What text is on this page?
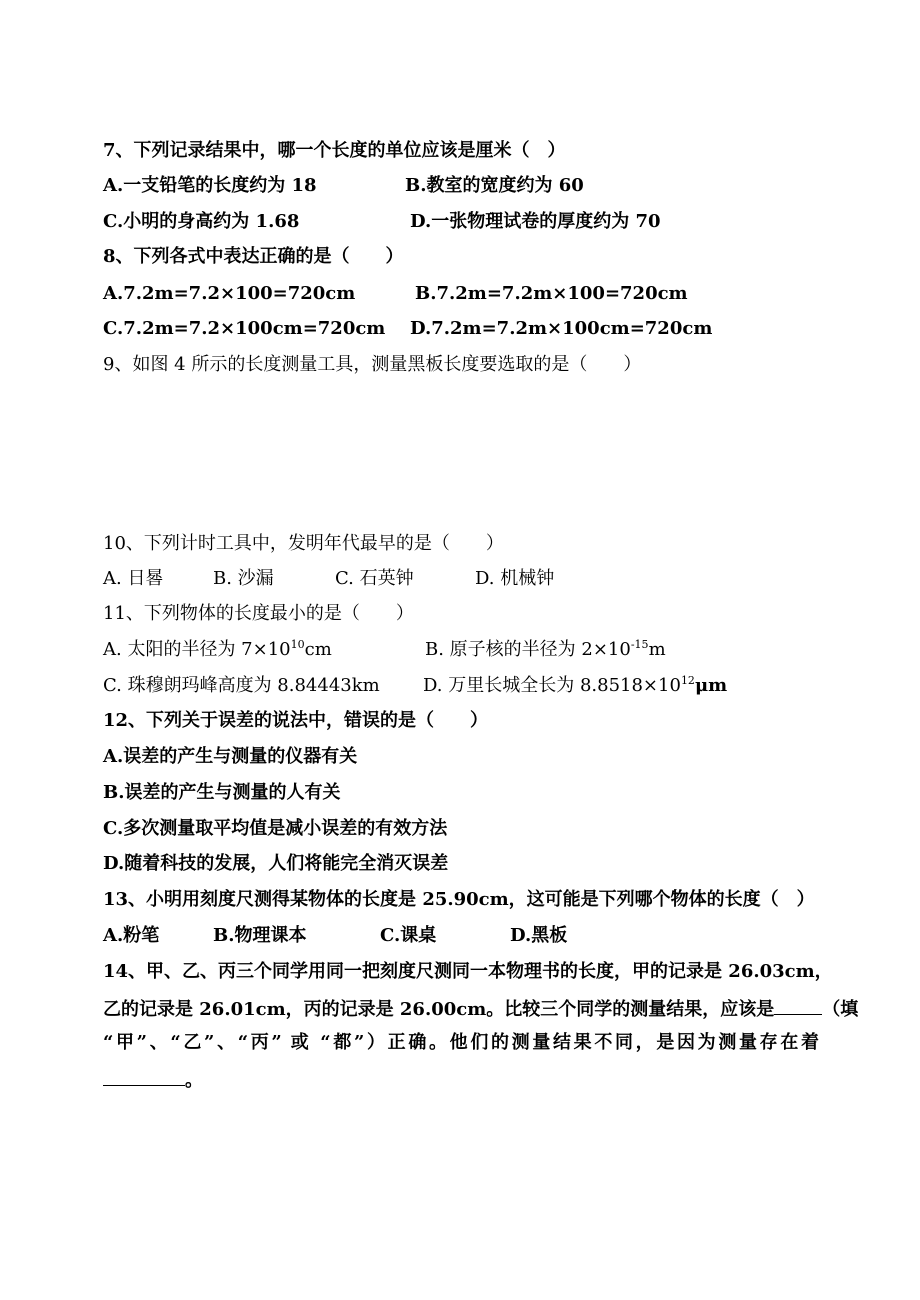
7、下列记录结果中，哪一个长度的单位应该是厘米（　）
A.一支铅笔的长度约为 18	B.教室的宽度约为 60
C.小明的身高约为 1.68	D.一张物理试卷的厚度约为 70
8、下列各式中表达正确的是（　　）
A.7.2m=7.2×100=720cm	B.7.2m=7.2m×100=720cm
C.7.2m=7.2×100cm=720cm D.7.2m=7.2m×100cm=720cm
9、如图 4 所示的长度测量工具，测量黑板长度要选取的是（　　）
10、下列计时工具中，发明年代最早的是（　　）
A. 日晷	B. 沙漏	C. 石英钟	D. 机械钟
11、下列物体的长度最小的是（　　）
A. 太阳的半径为 $7\times 10^{10}cm$	B. 原子核的半径为 $2\times 10^{-15}m$
C. 珠穆朗玛峰高度为 8.84443km D. 万里长城全长为 $8.8518\times 10^{12}\mu m$
12、下列关于误差的说法中，错误的是（　　）
A.误差的产生与测量的仪器有关
B.误差的产生与测量的人有关
C.多次测量取平均值是减小误差的有效方法
D.随着科技的发展，人们将能完全消灭误差
13、小明用刻度尺测得某物体的长度是 25.90cm，这可能是下列哪个物体的长度（　）
A.粉笔	B.物理课本	C.课桌	D.黑板
14、甲、乙、丙三个同学用同一把刻度尺测同一本物理书的长度，甲的记录是 26.03cm，
乙的记录是 26.01cm，丙的记录是 26.00cm。比较三个同学的测量结果，应该是	（填
“甲”、“乙”、“丙” 或 “都”）正确。他们的测量结果不同，是因为测量存在着
。
